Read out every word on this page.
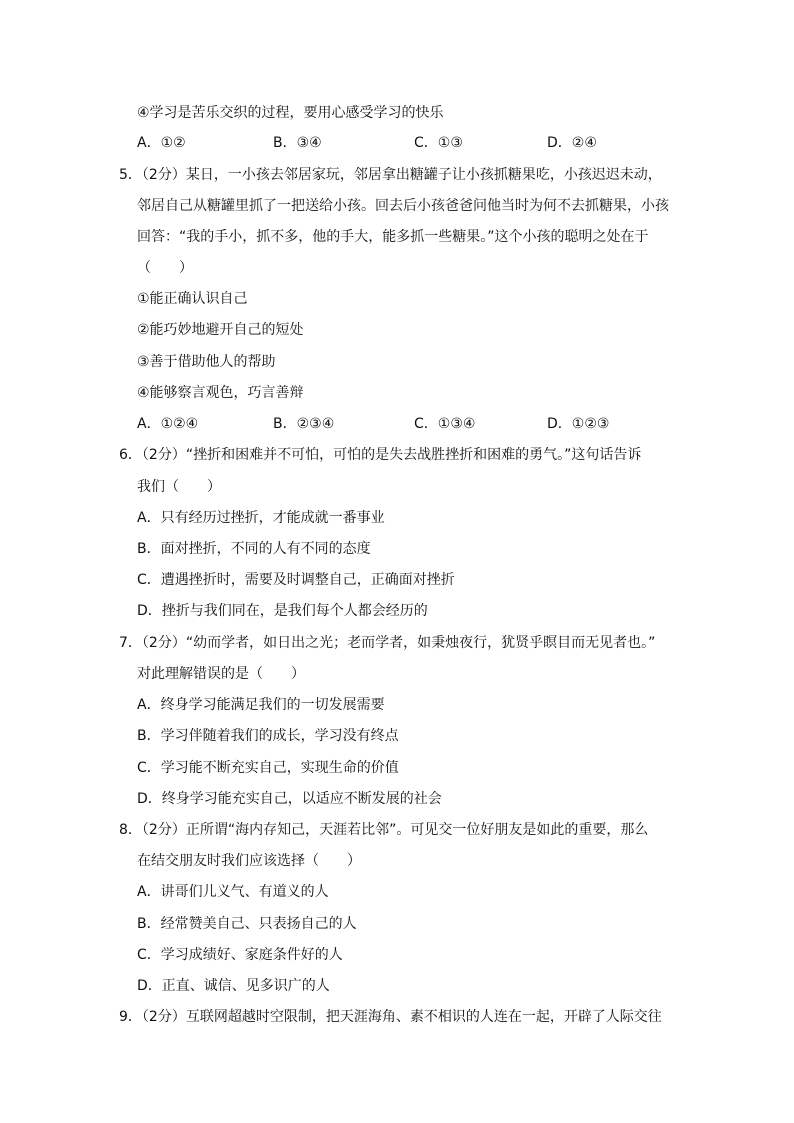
④学习是苦乐交织的过程，要用心感受学习的快乐
A．①②	B．③④	C．①③	D．②④
5．（2分）某日，一小孩去邻居家玩，邻居拿出糖罐子让小孩抓糖果吃，小孩迟迟未动，
邻居自己从糖罐里抓了一把送给小孩。回去后小孩爸爸问他当时为何不去抓糖果，小孩
回答：“我的手小，抓不多，他的手大，能多抓一些糖果。”这个小孩的聪明之处在于
（　　）
①能正确认识自己
②能巧妙地避开自己的短处
③善于借助他人的帮助
④能够察言观色，巧言善辩
A．①②④	B．②③④	C．①③④	D．①②③
6．（2分）“挫折和困难并不可怕，可怕的是失去战胜挫折和困难的勇气。”这句话告诉
我们（　　）
A．只有经历过挫折，才能成就一番事业
B．面对挫折，不同的人有不同的态度
C．遭遇挫折时，需要及时调整自己，正确面对挫折
D．挫折与我们同在，是我们每个人都会经历的
7．（2分）“幼而学者，如日出之光；老而学者，如秉烛夜行，犹贤乎瞑目而无见者也。”
对此理解错误的是（　　）
A．终身学习能满足我们的一切发展需要
B．学习伴随着我们的成长，学习没有终点
C．学习能不断充实自己，实现生命的价值
D．终身学习能充实自己，以适应不断发展的社会
8．（2分）正所谓“海内存知己，天涯若比邻”。可见交一位好朋友是如此的重要，那么
在结交朋友时我们应该选择（　　）
A．讲哥们儿义气、有道义的人
B．经常赞美自己、只表扬自己的人
C．学习成绩好、家庭条件好的人
D．正直、诚信、见多识广的人
9．（2分）互联网超越时空限制，把天涯海角、素不相识的人连在一起，开辟了人际交往
